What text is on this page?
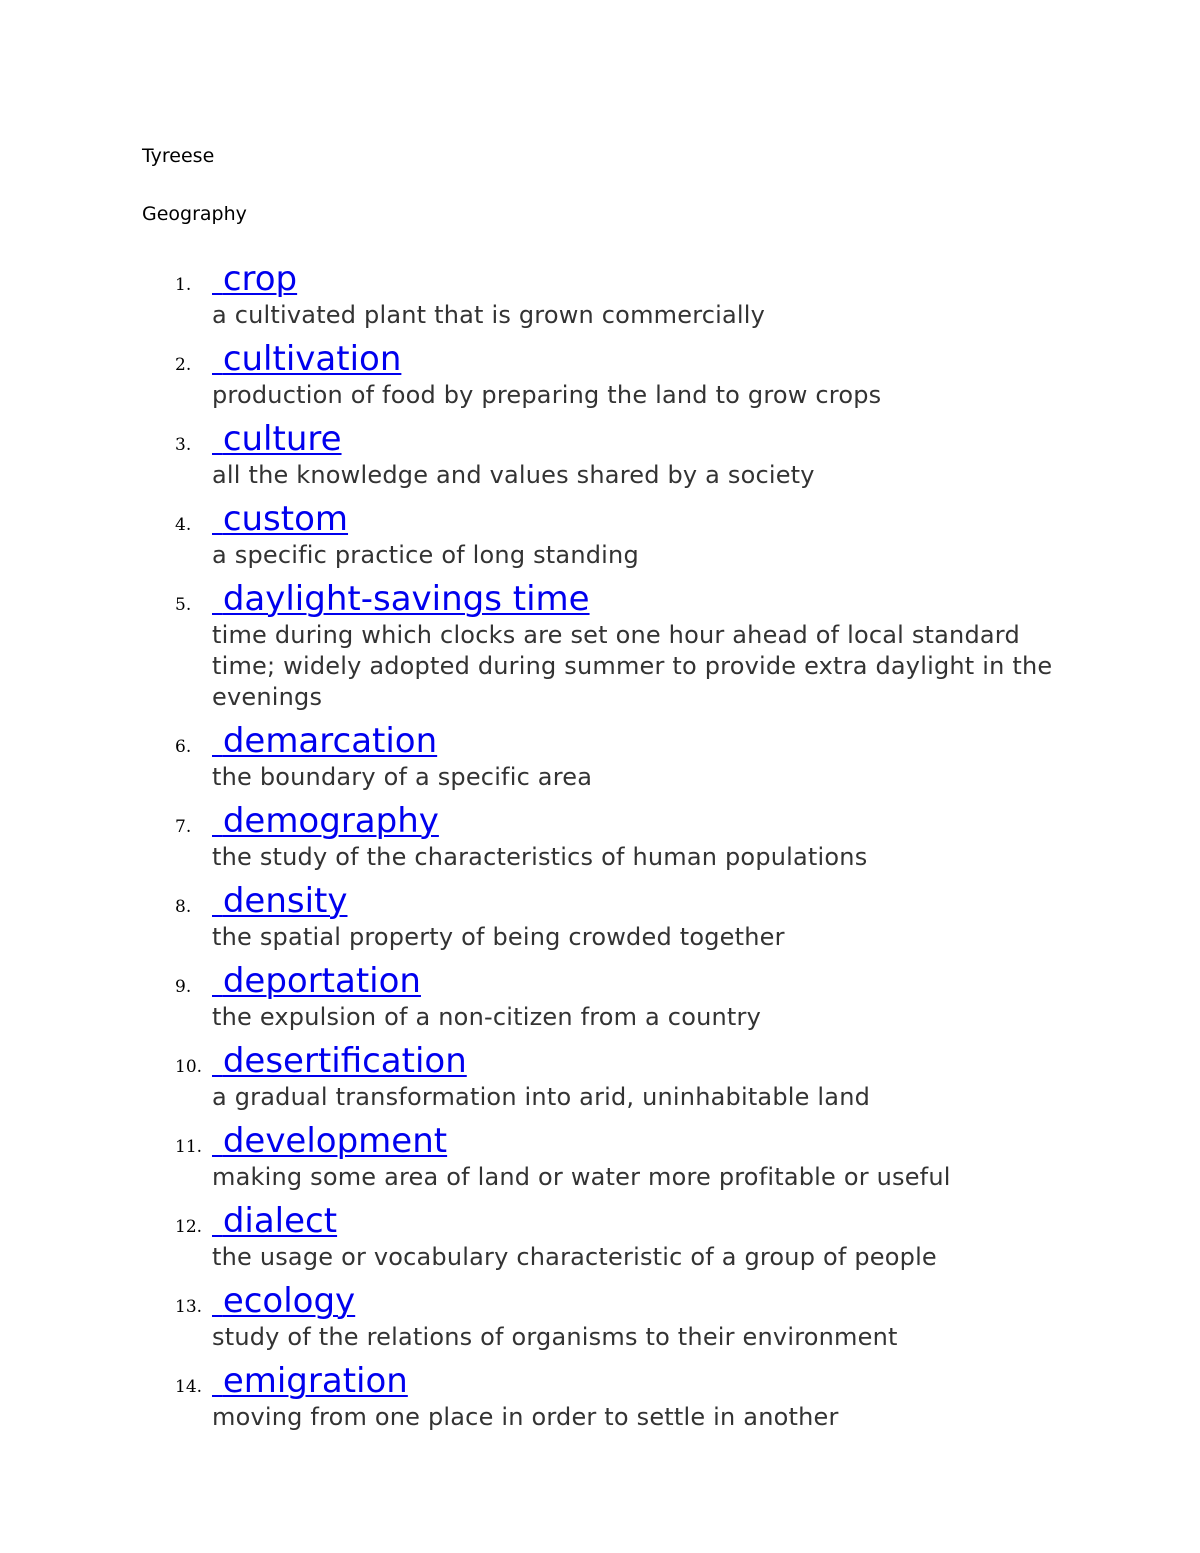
Tyreese
Geography
1. crop
a cultivated plant that is grown commercially
2. cultivation
production of food by preparing the land to grow crops
3. culture
all the knowledge and values shared by a society
4. custom
a specific practice of long standing
5. daylight-savings time
time during which clocks are set one hour ahead of local standard time; widely adopted during summer to provide extra daylight in the evenings
6. demarcation
the boundary of a specific area
7. demography
the study of the characteristics of human populations
8. density
the spatial property of being crowded together
9. deportation
the expulsion of a non-citizen from a country
10. desertification
a gradual transformation into arid, uninhabitable land
11. development
making some area of land or water more profitable or useful
12. dialect
the usage or vocabulary characteristic of a group of people
13. ecology
study of the relations of organisms to their environment
14. emigration
moving from one place in order to settle in another
